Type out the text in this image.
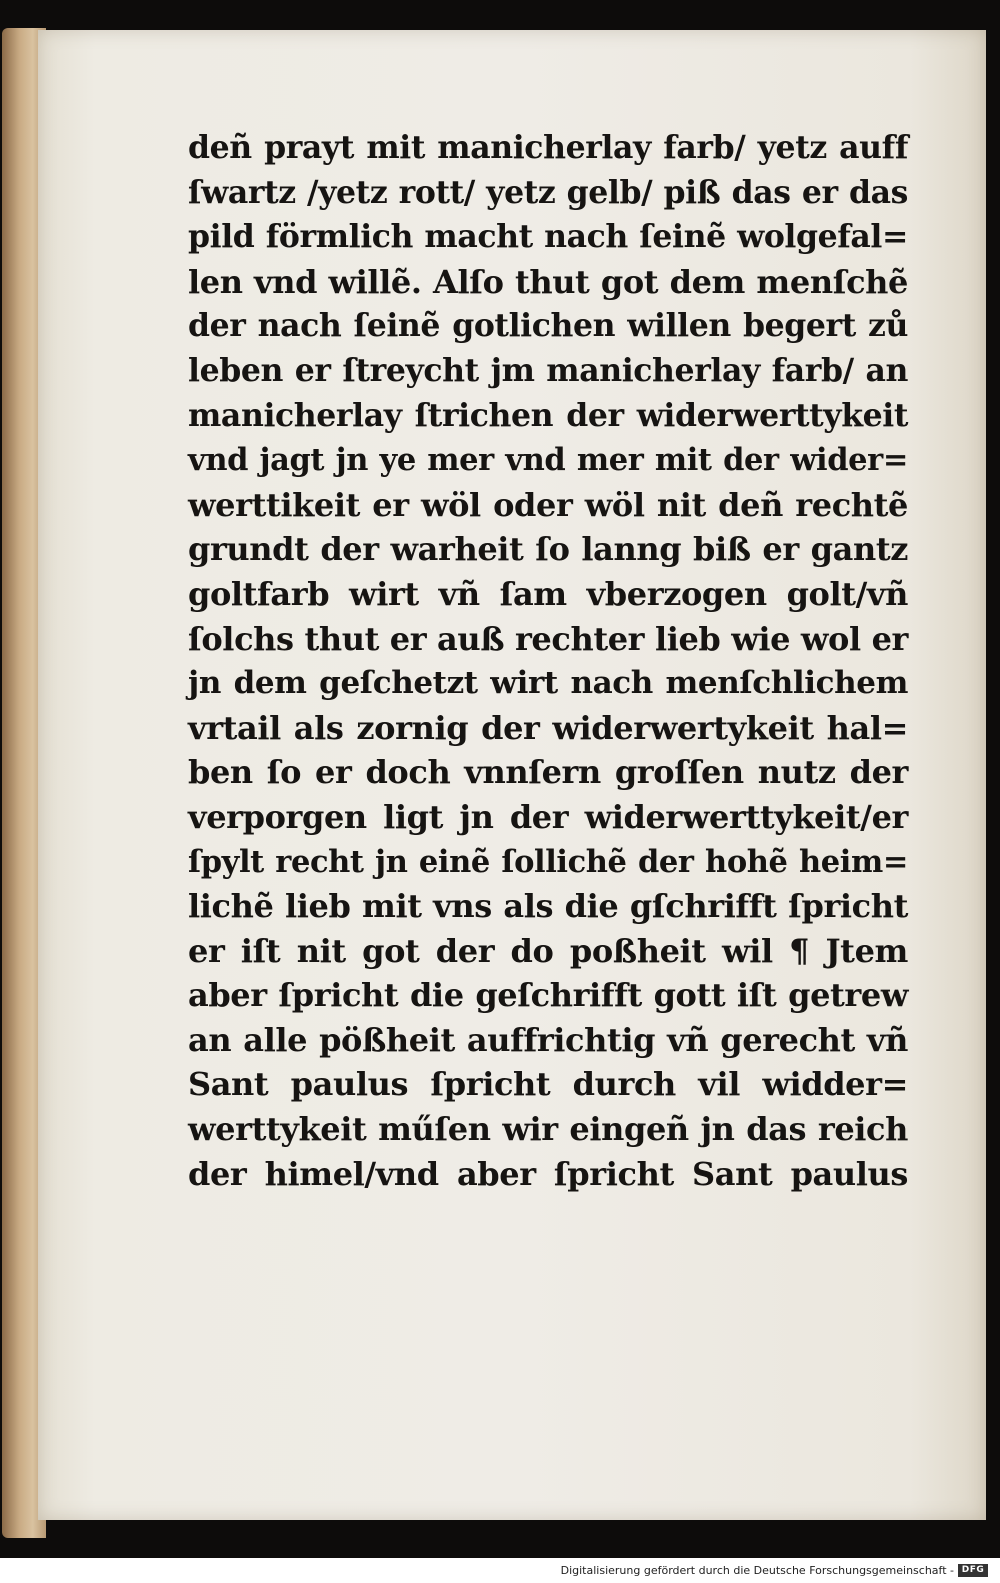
deñ prayt mit manicherlay farb/ yetz auff
ſwartz /yetz rott/ yetz gelb/ piß das er das
pild förmlich macht nach ſeinẽ wolgefal=
len vnd willẽ. Alſo thut got dem menſchẽ
der nach ſeinẽ gotlichen willen begert zů
leben er ſtreycht jm manicherlay farb/ an
manicherlay ſtrichen der widerwerttykeit
vnd jagt jn ye mer vnd mer mit der wider=
werttikeit er wöl oder wöl nit deñ rechtẽ
grundt der warheit ſo lanng biß er gantz
goltfarb wirt vñ ſam vberzogen golt/vñ
ſolchs thut er auß rechter lieb wie wol er
jn dem geſchetzt wirt nach menſchlichem
vrtail als zornig der widerwertykeit hal=
ben ſo er doch vnnſern groſſen nutz der
verporgen ligt jn der widerwerttykeit/er
ſpylt recht jn einẽ ſollichẽ der hohẽ heim=
lichẽ lieb mit vns als die gſchrifft ſpricht
er iſt nit got der do poßheit wil ¶ Jtem
aber ſpricht die geſchrifft gott iſt getrew
an alle pößheit auffrichtig vñ gerecht vñ
Sant paulus ſpricht durch vil widder=
werttykeit műſen wir eingeñ jn das reich
der himel/vnd aber ſpricht Sant paulus
Digitalisierung gefördert durch die Deutsche Forschungsgemeinschaft - DFG
